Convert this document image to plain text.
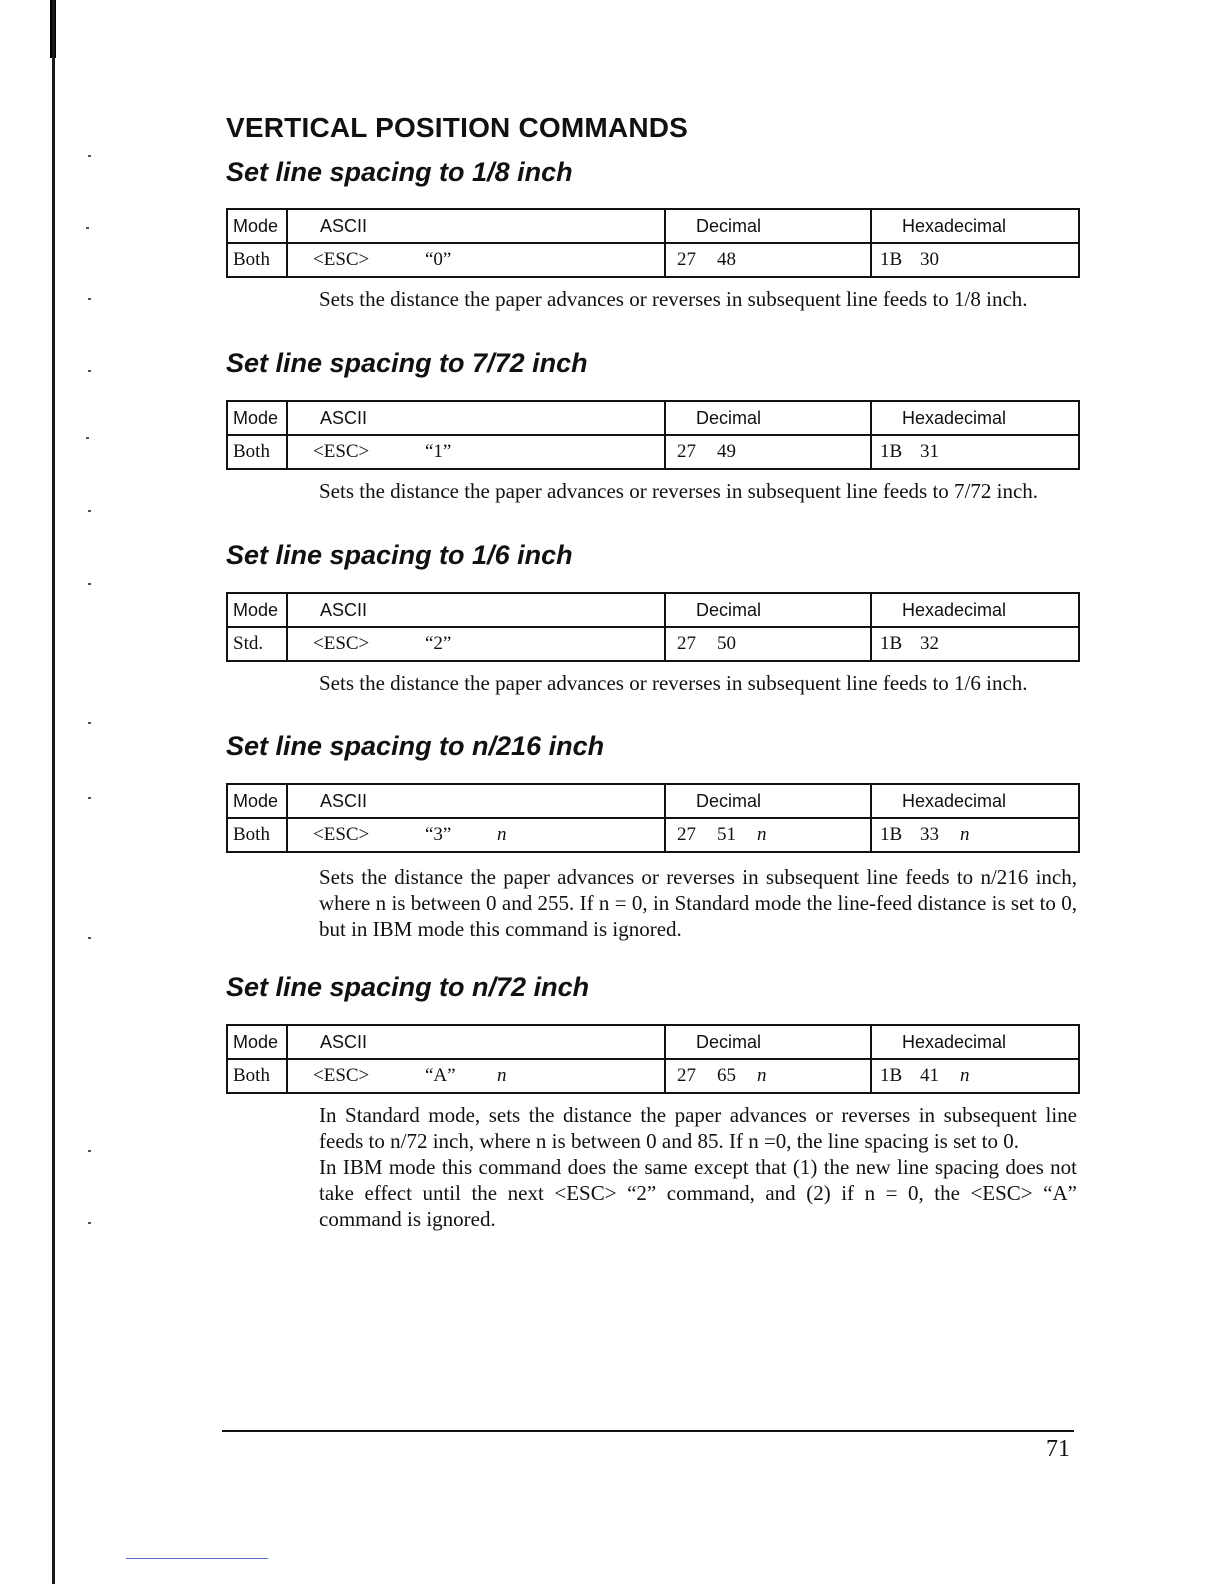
VERTICAL POSITION COMMANDS
Set line spacing to 1/8 inch
Mode	ASCII	Decimal	Hexadecimal
Both	<ESC> “0”	27 48	1B 30

Sets the distance the paper advances or reverses in subsequent line feeds to 1/8 inch.

Set line spacing to 7/72 inch
Mode	ASCII	Decimal	Hexadecimal
Both	<ESC> “1”	27 49	1B 31

Sets the distance the paper advances or reverses in subsequent line feeds to 7/72 inch.

Set line spacing to 1/6 inch
Mode	ASCII	Decimal	Hexadecimal
Std.	<ESC> “2”	27 50	1B 32

Sets the distance the paper advances or reverses in subsequent line feeds to 1/6 inch.

Set line spacing to n/216 inch
Mode	ASCII	Decimal	Hexadecimal
Both	<ESC> “3” n	27 51 n	1B 33 n

Sets the distance the paper advances or reverses in subsequent line feeds to n/216 inch, where n is between 0 and 255. If n = 0, in Standard mode the line-feed distance is set to 0, but in IBM mode this command is ignored.

Set line spacing to n/72 inch
Mode	ASCII	Decimal	Hexadecimal
Both	<ESC> “A” n	27 65 n	1B 41 n

In Standard mode, sets the distance the paper advances or reverses in subsequent line feeds to n/72 inch, where n is between 0 and 85. If n =0, the line spacing is set to 0.

In IBM mode this command does the same except that (1) the new line spacing does not take effect until the next <ESC> “2” command, and (2) if n = 0, the <ESC> “A” command is ignored.

71
